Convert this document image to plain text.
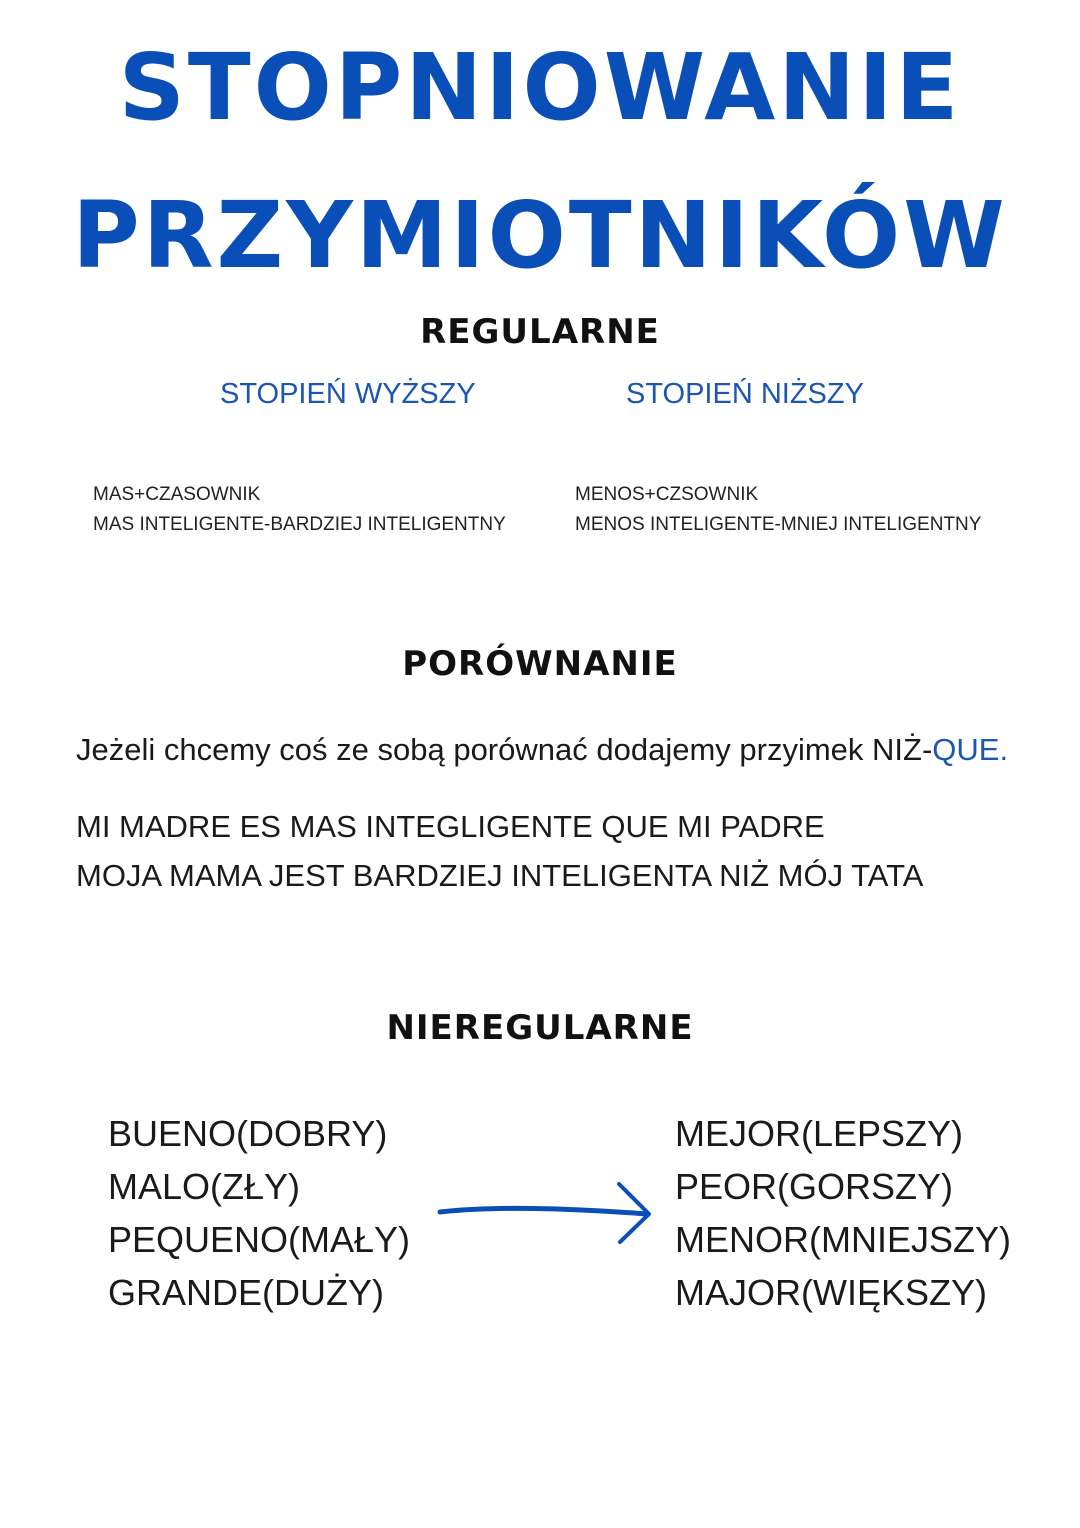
STOPNIOWANIE
PRZYMIOTNIKÓW
REGULARNE
STOPIEŃ WYŻSZY	STOPIEŃ NIŻSZY
MAS+CZASOWNIK
MAS INTELIGENTE-BARDZIEJ INTELIGENTNY
MENOS+CZSOWNIK
MENOS INTELIGENTE-MNIEJ INTELIGENTNY
PORÓWNANIE
Jeżeli chcemy coś ze sobą porównać dodajemy przyimek NIŻ-QUE.
MI MADRE ES MAS INTEGLIGENTE QUE MI PADRE
MOJA MAMA JEST BARDZIEJ INTELIGENTA NIŻ MÓJ TATA
NIEREGULARNE
BUENO(DOBRY)
MALO(ZŁY)
PEQUENO(MAŁY)
GRANDE(DUŻY)
MEJOR(LEPSZY)
PEOR(GORSZY)
MENOR(MNIEJSZY)
MAJOR(WIĘKSZY)
